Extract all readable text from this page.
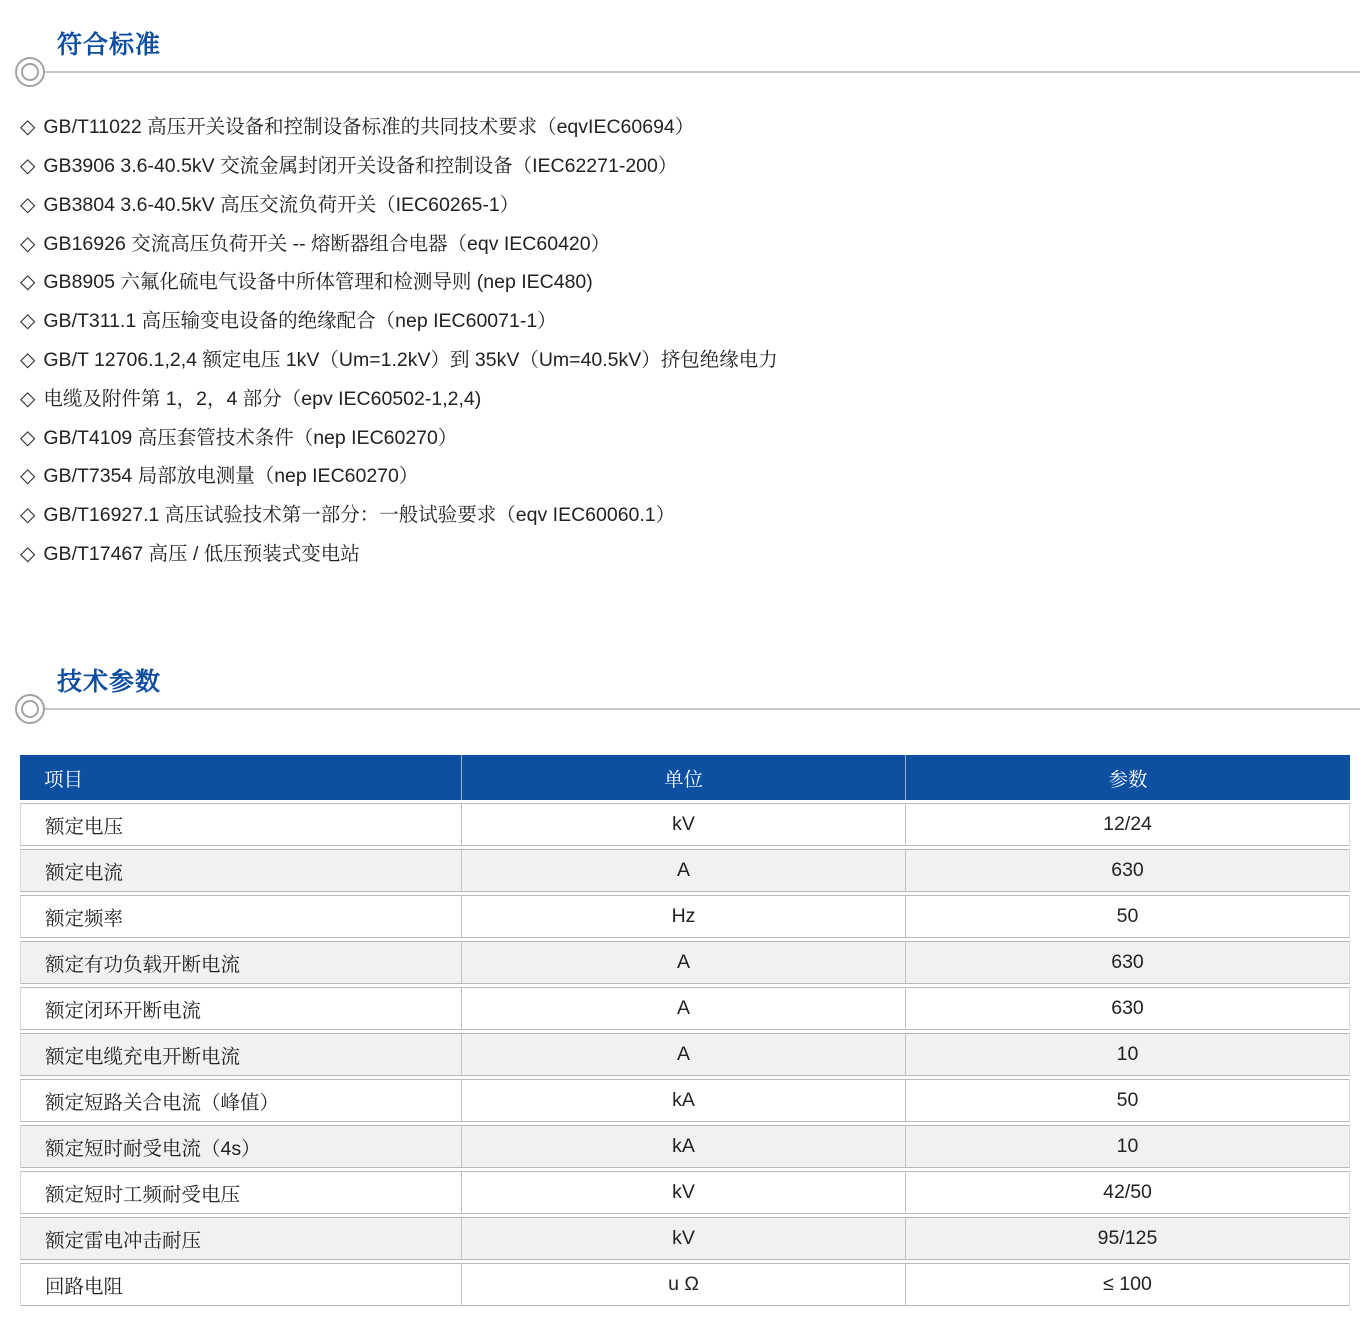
符合标准
◇ GB/T11022 高压开关设备和控制设备标准的共同技术要求（eqvIEC60694）
◇ GB3906 3.6-40.5kV 交流金属封闭开关设备和控制设备（IEC62271-200）
◇ GB3804 3.6-40.5kV 高压交流负荷开关（IEC60265-1）
◇ GB16926 交流高压负荷开关 -- 熔断器组合电器（eqv IEC60420）
◇ GB8905 六氟化硫电气设备中所体管理和检测导则 (nep IEC480)
◇ GB/T311.1 高压输变电设备的绝缘配合（nep IEC60071-1）
◇ GB/T 12706.1,2,4 额定电压 1kV（Um=1.2kV）到 35kV（Um=40.5kV）挤包绝缘电力
◇ 电缆及附件第 1，2，4 部分（epv IEC60502-1,2,4)
◇ GB/T4109 高压套管技术条件（nep IEC60270）
◇ GB/T7354 局部放电测量（nep IEC60270）
◇ GB/T16927.1 高压试验技术第一部分：一般试验要求（eqv IEC60060.1）
◇ GB/T17467 高压 / 低压预装式变电站
技术参数
项目	单位	参数
额定电压	kV	12/24
额定电流	A	630
额定频率	Hz	50
额定有功负载开断电流	A	630
额定闭环开断电流	A	630
额定电缆充电开断电流	A	10
额定短路关合电流（峰值）	kA	50
额定短时耐受电流（4s）	kA	10
额定短时工频耐受电压	kV	42/50
额定雷电冲击耐压	kV	95/125
回路电阻	u Ω	≤ 100
